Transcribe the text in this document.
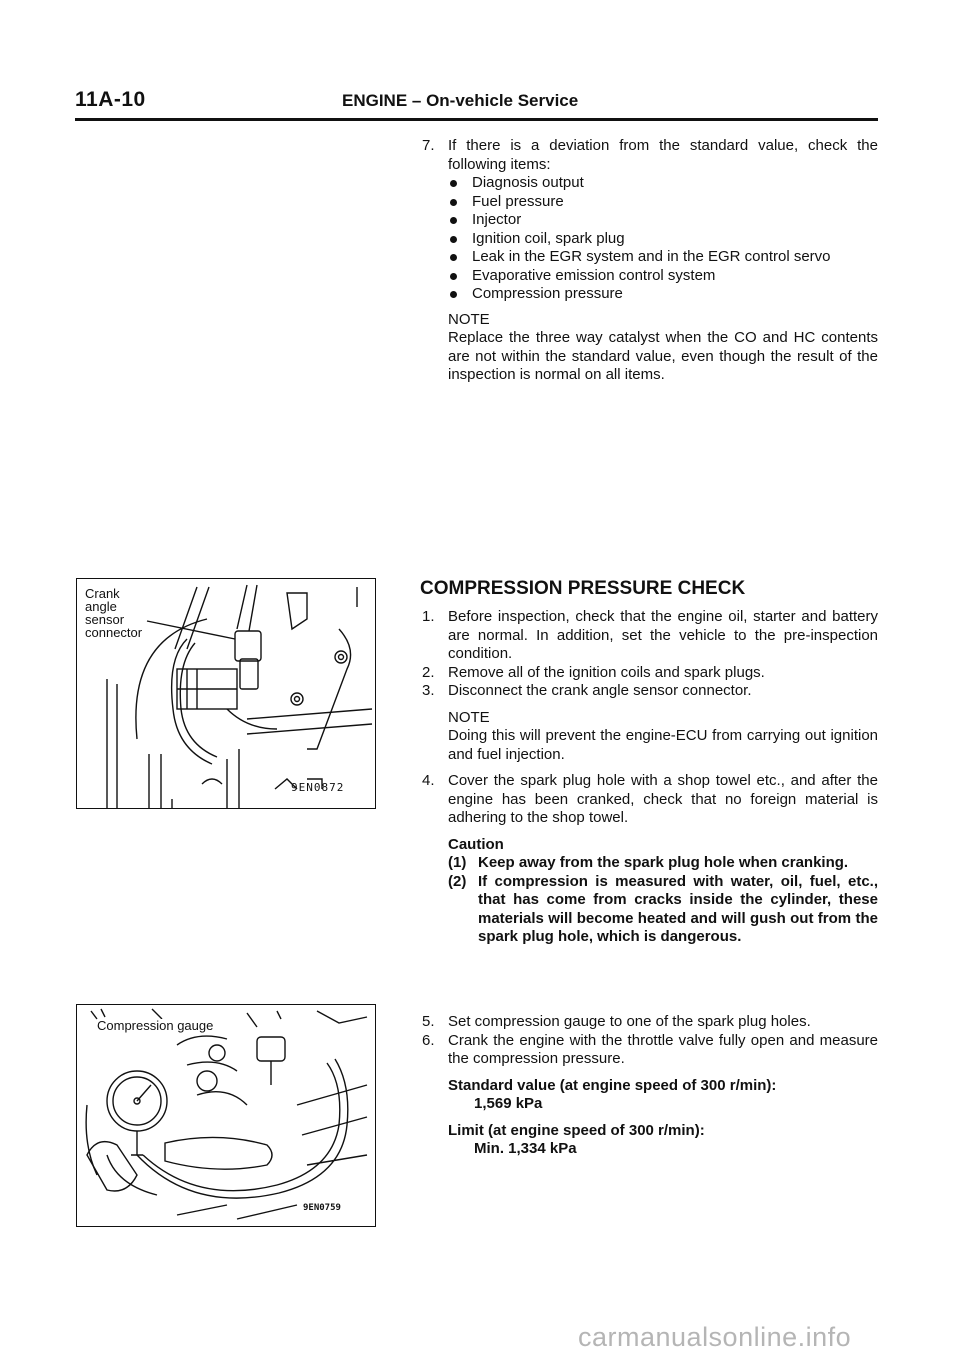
11A-10	ENGINE – On-vehicle Service
7. If there is a deviation from the standard value, check the following items:
Diagnosis output
Fuel pressure
Injector
Ignition coil, spark plug
Leak in the EGR system and in the EGR control servo
Evaporative emission control system
Compression pressure

NOTE

Replace the three way catalyst when the CO and HC contents are not within the standard value, even though the result of the inspection is normal on all items.

COMPRESSION PRESSURE CHECK
1. Before inspection, check that the engine oil, starter and battery are normal. In addition, set the vehicle to the pre-inspection condition.
2. Remove all of the ignition coils and spark plugs.
3. Disconnect the crank angle sensor connector.

NOTE

Doing this will prevent the engine-ECU from carrying out ignition and fuel injection.

4. Cover the spark plug hole with a shop towel etc., and after the engine has been cranked, check that no foreign material is adhering to the shop towel.

Caution

(1) Keep away from the spark plug hole when cranking.
(2) If compression is measured with water, oil, fuel, etc., that has come from cracks inside the cylinder, these materials will become heated and will gush out from the spark plug hole, which is dangerous.
5. Set compression gauge to one of the spark plug holes.
6. Crank the engine with the throttle valve fully open and measure the compression pressure.

Standard value (at engine speed of 300 r/min):

1,569 kPa

Limit (at engine speed of 300 r/min):

Min. 1,334 kPa

Crank
angle
sensor
connector
9EN0872
Compression gauge
9EN0759
carmanualsonline.info
